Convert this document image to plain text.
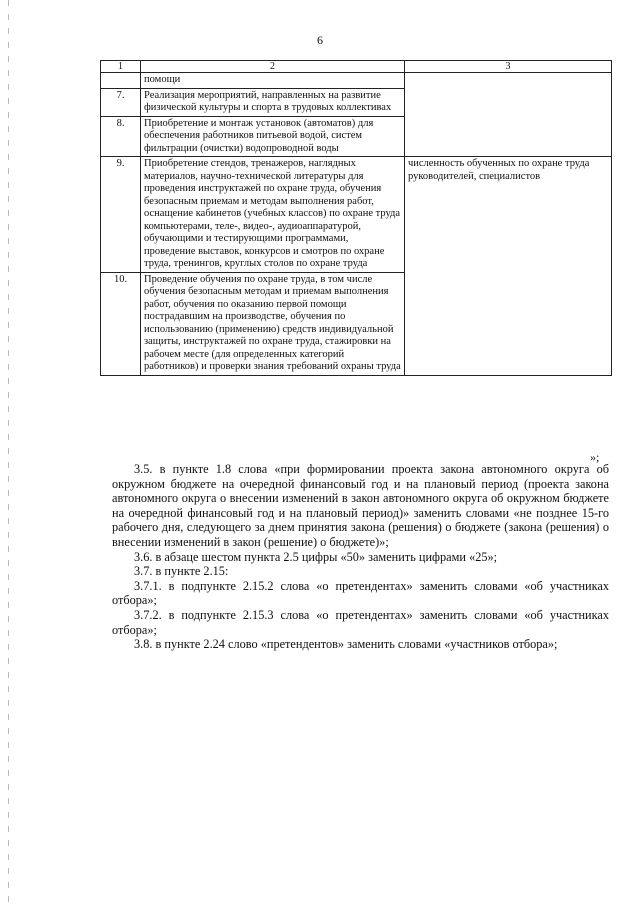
6
1	2	3
	помощи	
7.	Реализация мероприятий, направленных на развитие физической культуры и спорта в трудовых коллективах	
8.	Приобретение и монтаж установок (автоматов) для обеспечения работников питьевой водой, систем фильтрации (очистки) водопроводной воды	
9.	Приобретение стендов, тренажеров, наглядных материалов, научно-технической литературы для проведения инструктажей по охране труда, обучения безопасным приемам и методам выполнения работ, оснащение кабинетов (учебных классов) по охране труда компьютерами, теле-, видео-, аудиоаппаратурой, обучающими и тестирующими программами, проведение выставок, конкурсов и смотров по охране труда, тренингов, круглых столов по охране труда	численность обученных по охране труда руководителей, специалистов
10.	Проведение обучения по охране труда, в том числе обучения безопасным методам и приемам выполнения работ, обучения по оказанию первой помощи пострадавшим на производстве, обучения по использованию (применению) средств индивидуальной защиты, инструктажей по охране труда, стажировки на рабочем месте (для определенных категорий работников) и проверки знания требований охраны труда	
»;

3.5. в пункте 1.8 слова «при формировании проекта закона автономного округа об окружном бюджете на очередной финансовый год и на плановый период (проекта закона автономного округа о внесении изменений в закон автономного округа об окружном бюджете на очередной финансовый год и на плановый период)» заменить словами «не позднее 15-го рабочего дня, следующего за днем принятия закона (решения) о бюджете (закона (решения) о внесении изменений в закон (решение) о бюджете)»;

3.6. в абзаце шестом пункта 2.5 цифры «50» заменить цифрами «25»;

3.7. в пункте 2.15:

3.7.1. в подпункте 2.15.2 слова «о претендентах» заменить словами «об участниках отбора»;

3.7.2. в подпункте 2.15.3 слова «о претендентах» заменить словами «об участниках отбора»;

3.8. в пункте 2.24 слово «претендентов» заменить словами «участников отбора»;
